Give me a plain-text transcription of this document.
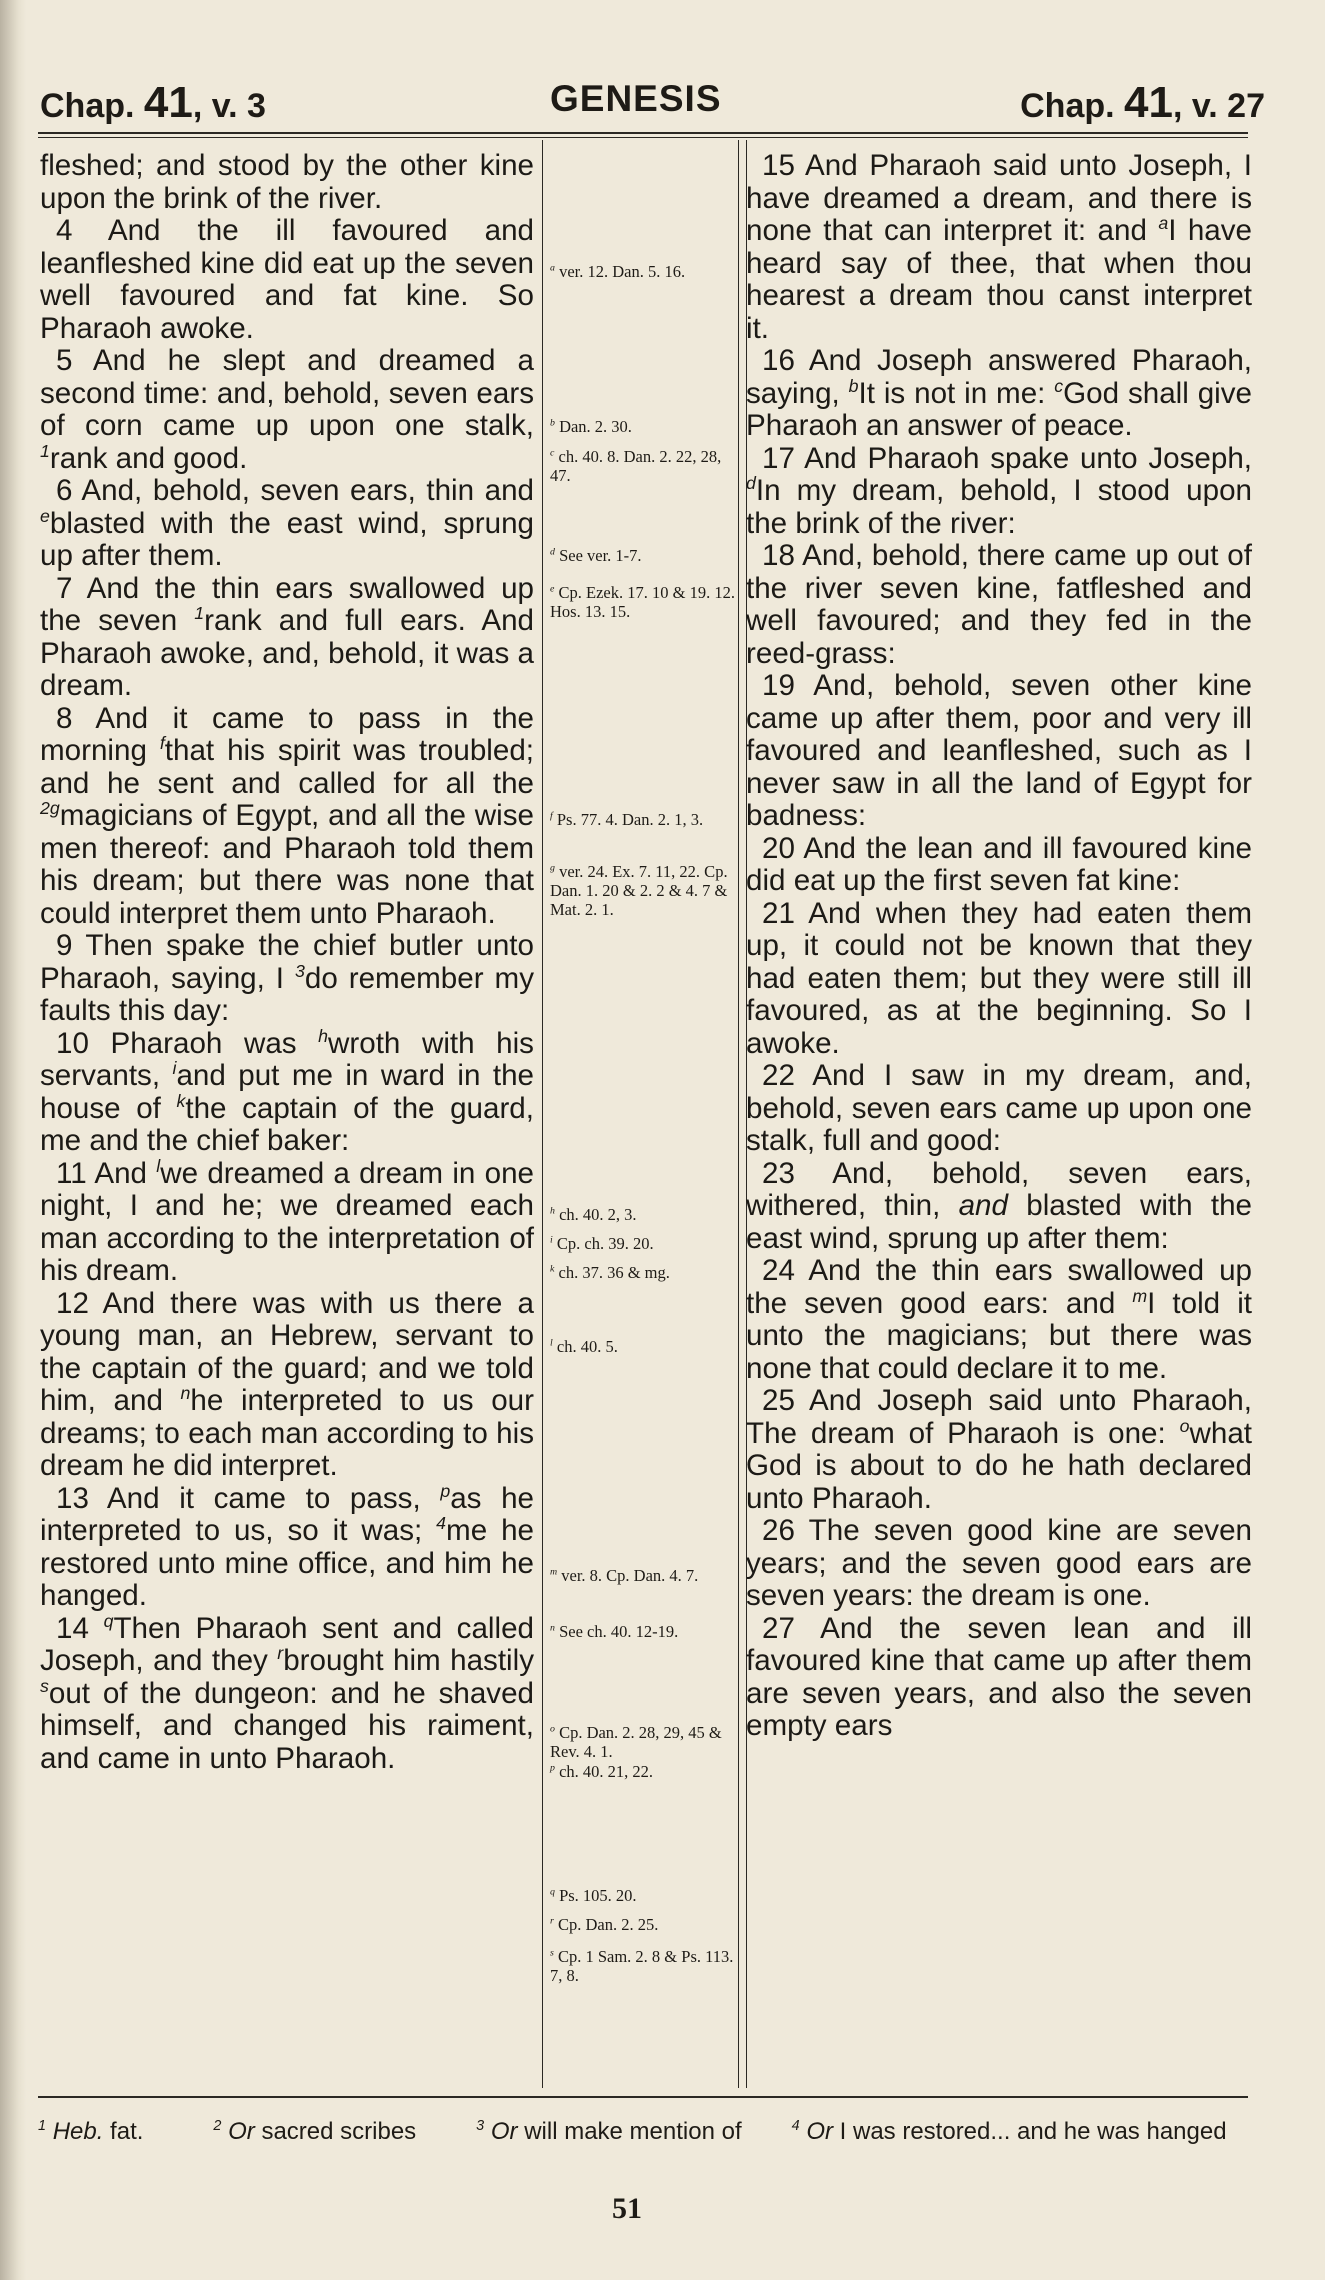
Chap. 41, v. 3	GENESIS	Chap. 41, v. 27

fleshed; and stood by the other kine upon the brink of the river.

4 And the ill favoured and leanfleshed kine did eat up the seven well favoured and fat kine. So Pharaoh awoke.

5 And he slept and dreamed a second time: and, behold, seven ears of corn came up upon one stalk, $^1$rank and good.

6 And, behold, seven ears, thin and $^e$blasted with the east wind, sprung up after them.

7 And the thin ears swallowed up the seven $^1$rank and full ears. And Pharaoh awoke, and, behold, it was a dream.

8 And it came to pass in the morning $^f$that his spirit was troubled; and he sent and called for all the $^{2g}$magicians of Egypt, and all the wise men thereof: and Pharaoh told them his dream; but there was none that could interpret them unto Pharaoh.

9 Then spake the chief butler unto Pharaoh, saying, I $^3$do remember my faults this day:

10 Pharaoh was $^h$wroth with his servants, $^i$and put me in ward in the house of $^k$the captain of the guard, me and the chief baker:

11 And $^l$we dreamed a dream in one night, I and he; we dreamed each man according to the interpretation of his dream.

12 And there was with us there a young man, an Hebrew, servant to the captain of the guard; and we told him, and $^n$he interpreted to us our dreams; to each man according to his dream he did interpret.

13 And it came to pass, $^p$as he interpreted to us, so it was; $^4$me he restored unto mine office, and him he hanged.

14 $^q$Then Pharaoh sent and called Joseph, and they $^r$brought him hastily $^s$out of the dungeon: and he shaved himself, and changed his raiment, and came in unto Pharaoh.

$^a$ ver. 12. Dan. 5. 16.
$^b$ Dan. 2. 30.
$^c$ ch. 40. 8. Dan. 2. 22, 28, 47.
$^d$ See ver. 1-7.
$^e$ Cp. Ezek. 17. 10 & 19. 12. Hos. 13. 15.
$^f$ Ps. 77. 4. Dan. 2. 1, 3.
$^g$ ver. 24. Ex. 7. 11, 22. Cp. Dan. 1. 20 & 2. 2 & 4. 7 & Mat. 2. 1.
$^h$ ch. 40. 2, 3.
$^i$ Cp. ch. 39. 20.
$^k$ ch. 37. 36 & mg.
$^l$ ch. 40. 5.
$^m$ ver. 8. Cp. Dan. 4. 7.
$^n$ See ch. 40. 12-19.
$^o$ Cp. Dan. 2. 28, 29, 45 & Rev. 4. 1.
$^p$ ch. 40. 21, 22.
$^q$ Ps. 105. 20.
$^r$ Cp. Dan. 2. 25.
$^s$ Cp. 1 Sam. 2. 8 & Ps. 113. 7, 8.

15 And Pharaoh said unto Joseph, I have dreamed a dream, and there is none that can interpret it: and $^a$I have heard say of thee, that when thou hearest a dream thou canst interpret it.

16 And Joseph answered Pharaoh, saying, $^b$It is not in me: $^c$God shall give Pharaoh an answer of peace.

17 And Pharaoh spake unto Joseph, $^d$In my dream, behold, I stood upon the brink of the river:

18 And, behold, there came up out of the river seven kine, fatfleshed and well favoured; and they fed in the reed-grass:

19 And, behold, seven other kine came up after them, poor and very ill favoured and leanfleshed, such as I never saw in all the land of Egypt for badness:

20 And the lean and ill favoured kine did eat up the first seven fat kine:

21 And when they had eaten them up, it could not be known that they had eaten them; but they were still ill favoured, as at the beginning. So I awoke.

22 And I saw in my dream, and, behold, seven ears came up upon one stalk, full and good:

23 And, behold, seven ears, withered, thin, and blasted with the east wind, sprung up after them:

24 And the thin ears swallowed up the seven good ears: and $^m$I told it unto the magicians; but there was none that could declare it to me.

25 And Joseph said unto Pharaoh, The dream of Pharaoh is one: $^o$what God is about to do he hath declared unto Pharaoh.

26 The seven good kine are seven years; and the seven good ears are seven years: the dream is one.

27 And the seven lean and ill favoured kine that came up after them are seven years, and also the seven empty ears

$^1$ Heb. fat.	$^2$ Or sacred scribes	$^3$ Or will make mention of	$^4$ Or I was restored... and he was hanged
51
